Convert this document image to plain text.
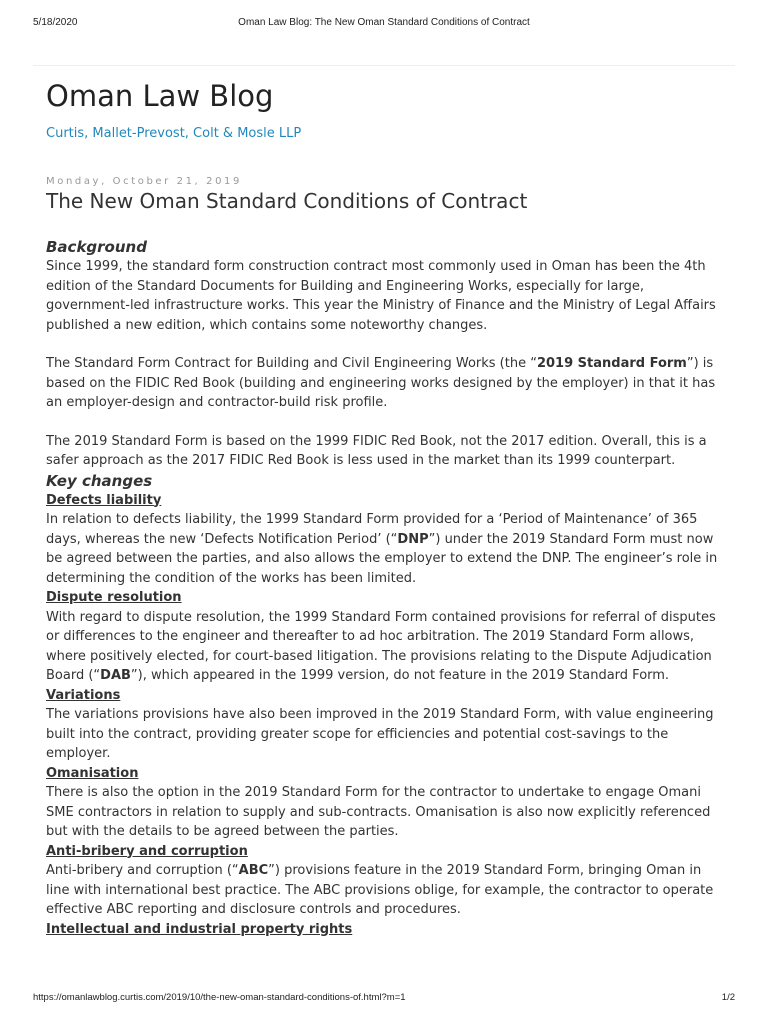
5/18/2020	Oman Law Blog: The New Oman Standard Conditions of Contract
Oman Law Blog
Curtis, Mallet-Prevost, Colt & Mosle LLP
Monday, October 21, 2019
The New Oman Standard Conditions of Contract
Background

Since 1999, the standard form construction contract most commonly used in Oman has been the 4th edition of the Standard Documents for Building and Engineering Works, especially for large, government-led infrastructure works. This year the Ministry of Finance and the Ministry of Legal Affairs published a new edition, which contains some noteworthy changes.

The Standard Form Contract for Building and Civil Engineering Works (the “2019 Standard Form”) is based on the FIDIC Red Book (building and engineering works designed by the employer) in that it has an employer-design and contractor-build risk profile.

The 2019 Standard Form is based on the 1999 FIDIC Red Book, not the 2017 edition. Overall, this is a safer approach as the 2017 FIDIC Red Book is less used in the market than its 1999 counterpart.

Key changes
Defects liability

In relation to defects liability, the 1999 Standard Form provided for a ‘Period of Maintenance’ of 365 days, whereas the new ‘Defects Notification Period’ (“DNP”) under the 2019 Standard Form must now be agreed between the parties, and also allows the employer to extend the DNP. The engineer’s role in determining the condition of the works has been limited.

Dispute resolution

With regard to dispute resolution, the 1999 Standard Form contained provisions for referral of disputes or differences to the engineer and thereafter to ad hoc arbitration. The 2019 Standard Form allows, where positively elected, for court-based litigation. The provisions relating to the Dispute Adjudication Board (“DAB”), which appeared in the 1999 version, do not feature in the 2019 Standard Form.

Variations

The variations provisions have also been improved in the 2019 Standard Form, with value engineering built into the contract, providing greater scope for efficiencies and potential cost-savings to the employer.

Omanisation

There is also the option in the 2019 Standard Form for the contractor to undertake to engage Omani SME contractors in relation to supply and sub-contracts. Omanisation is also now explicitly referenced but with the details to be agreed between the parties.

Anti-bribery and corruption

Anti-bribery and corruption (“ABC”) provisions feature in the 2019 Standard Form, bringing Oman in line with international best practice. The ABC provisions oblige, for example, the contractor to operate effective ABC reporting and disclosure controls and procedures.

Intellectual and industrial property rights
https://omanlawblog.curtis.com/2019/10/the-new-oman-standard-conditions-of.html?m=1	1/2
